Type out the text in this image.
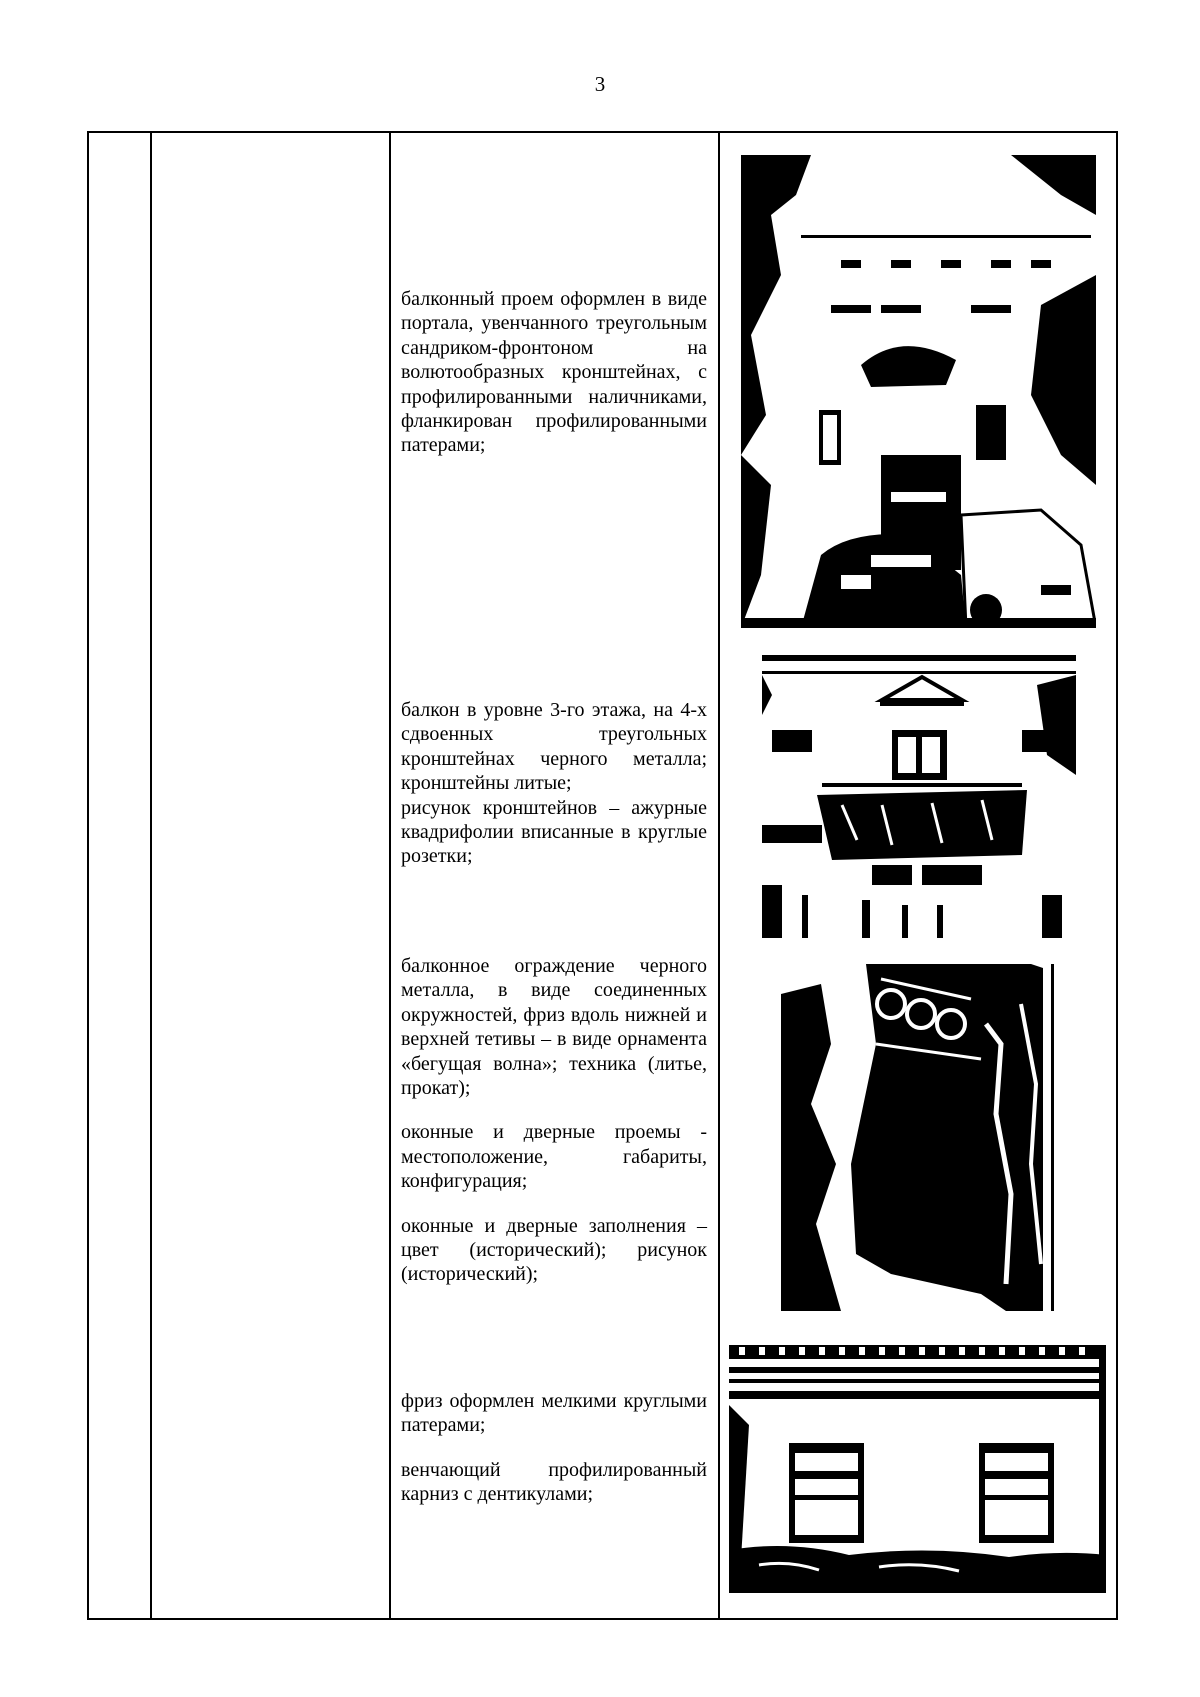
3

балконный проем оформлен в виде портала, увенчанного треугольным сандриком-фронтоном на волютообразных кронштейнах, с профилированными наличниками, фланкирован профилированными патерами;

балкон в уровне 3-го этажа, на 4-х сдвоенных треугольных кронштейнах черного металла; кронштейны литые;

рисунок кронштейнов – ажурные квадрифолии вписанные в круглые розетки;

балконное ограждение черного металла, в виде соединенных окружностей, фриз вдоль нижней и верхней тетивы – в виде орнамента «бегущая волна»; техника (литье, прокат);

оконные и дверные проемы - местоположение, габариты, конфигурация;

оконные и дверные заполнения – цвет (исторический); рисунок (исторический);

фриз оформлен мелкими круглыми патерами;

венчающий профилированный карниз с дентикулами;
